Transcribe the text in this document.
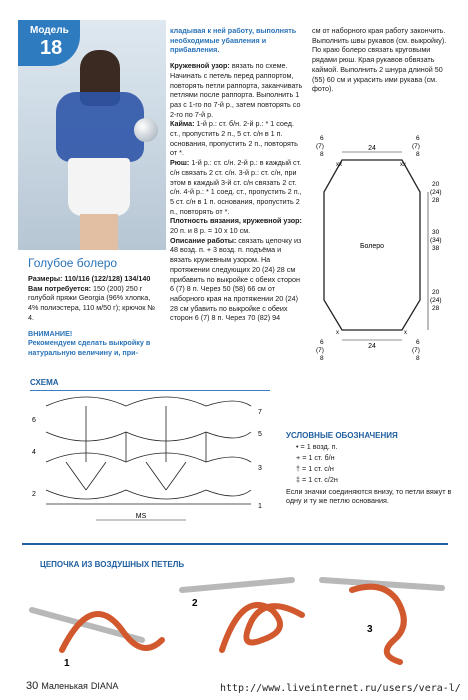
Модель
18
Голубое болеро

Размеры: 110/116 (122/128) 134/140

Вам потребуется: 150 (200) 250 г голубой пряжи Georgia (96% хлопка, 4% полиэстера, 110 м/50 г); крючок № 4.

ВНИМАНИЕ!

Рекомендуем сделать выкройку в натуральную величину и, при-

кладывая к ней работу, выполнять необходимые убавления и прибавления.

Кружевной узор: вязать по схеме. Начинать с петель перед раппортом, повторять петли раппорта, заканчивать петлями после раппорта. Выполнить 1 раз с 1-го по 7-й р., затем повторять со 2-го по 7-й р.

Кайма: 1-й р.: ст. б/н. 2-й р.: * 1 соед. ст., пропустить 2 п., 5 ст. с/н в 1 п. основания, пропустить 2 п., повторять от *.

Рюш: 1-й р.: ст. с/н. 2-й р.: в каждый ст. с/н связать 2 ст. с/н. 3-й р.: ст. с/н, при этом в каждый 3-й ст. с/н связать 2 ст. с/н. 4-й р.: * 1 соед. ст., пропустить 2 п., 5 ст. с/н в 1 п. основания, пропустить 2 п., повторять от *.

Плотность вязания, кружевной узор: 20 п. и 8 р. = 10 х 10 см.

Описание работы: связать цепочку из 48 возд. п. + 3 возд. п. подъёма и вязать кружевным узором. На протяжении следующих 20 (24) 28 см прибавить по выкройке с обеих сторон 6 (7) 8 п. Через 50 (58) 66 см от наборного края на протяжении 20 (24) 28 см убавить по выкройке с обеих сторон 6 (7) 8 п. Через 70 (82) 94

см от наборного края работу закончить. Выполнить швы рукавов (см. выкройку). По краю болеро связать круговыми рядами рюш. Края рукавов обвязать каймой. Выполнить 2 шнура длиной 50 (55) 60 см и украсить ими рукава (см. фото).

24
24
Болеро
6
(7)
8
6
(7)
8
xx	xx
20
(24)
28
30
(34)
38
20
(24)
28
x	x
6
(7)
8
6
(7)
8
СХЕМА
MS
6
4
2
7
5
3
1
УСЛОВНЫЕ ОБОЗНАЧЕНИЯ
• = 1 возд. п.
+ = 1 ст. б/н
† = 1 ст. с/н
‡ = 1 ст. с/2н
Если значки соединяются внизу, то петли вяжут в одну и ту же петлю основания.
ЦЕПОЧКА ИЗ ВОЗДУШНЫХ ПЕТЕЛЬ
1
2
3
30 Маленькая DIANA	http://www.liveinternet.ru/users/vera-l/
